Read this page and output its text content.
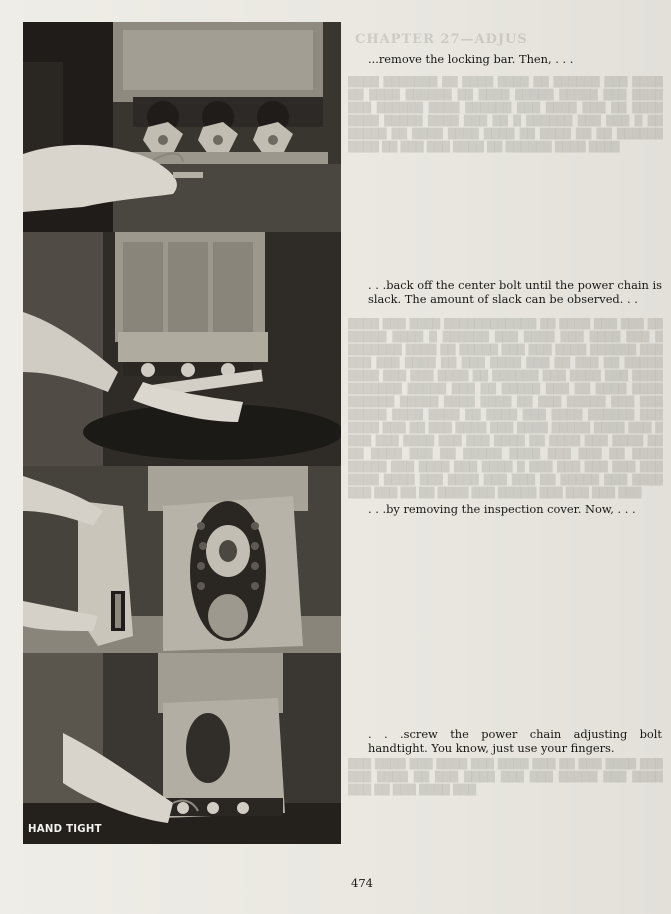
CHAPTER 27—ADJUS
████ ███████ ██ ████ ████ ██ ██████ ███ ████ ██ ████ ██████ ██ ████ █████ █████ ███ ████ ███ ██████ ████ ██████ ███ ████ ███ ██ ████ ████ █████ ████ ███ ██ █ ██████ ███ ███ █ ██ █████ ██ ████ ████ ████ ██ ████ ██ ██ ██████ ████ ██ ███ ███ ████ ██ ██████ ████ ████
████ ███ ████ ████████████ ██ ████ ███ ███ ██ █████ ████ █ ██████ ███ ████ ███ ████ ███ █ ███████ ████ ██ █████ ███ ███ ████ ██████ ███ ███ ███ ████ ██ ███ ████ ███ ██ ███ ██ █████ ████ ███ ███ ████ ██ ██████ ███ ████ ███ ████ ███████ █████ ███ ██ █████ ███ ██ ████ ████ ██████ █████ ████ ████ ██ ███ █████ ███ ███ █████ ████ ████ ██ ████ ███ ████ ██████ ███ ████ ███ ██ ███ ████ ███ ████ █████ ████ ███ █ ███ ███ ████ ███ ███ ████ ██ ████ ███ ████ ██ ██ ████ ███ ██ █████ ████ ███ ███ ██ ████ █████ ███ ████ ███ ████ █ ███ ███ ███ ███ ███ ████ ████ ███ ████ ███ ███ ██ █████ ███ ████ ███ ███ ██ ██ ████ ███ █████ ███ ███ ███ ███
███ ████ ███ ████ ███ ████ ███ ██ ███ ████ ███ ███ ████ ██ ███ ████ ███ ███ █████ ███ ████ ███ ██ ███ ████ ███
HAND TIGHT
...remove the locking bar. Then, . . .
. . .back off the center bolt until the power chain is slack. The amount of slack can be observed. . .
. . .by removing the inspection cover. Now, . . .
. . .screw the power chain adjusting bolt handtight. You know, just use your fingers.
474
